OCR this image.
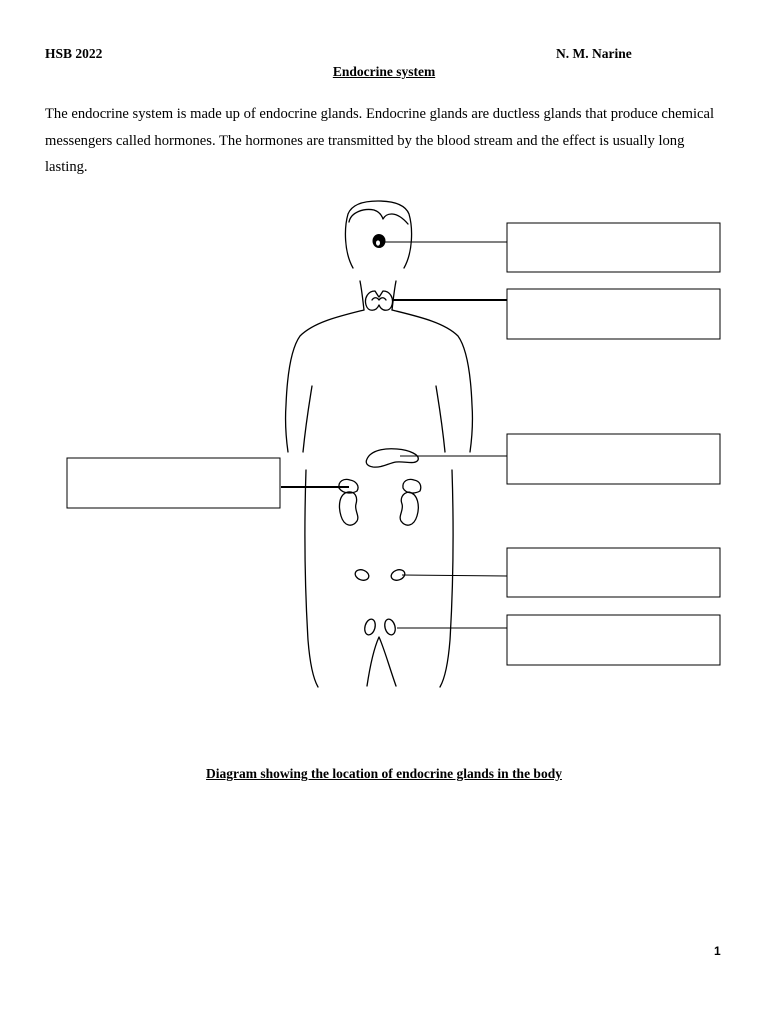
HSB 2022	N. M. Narine
Endocrine system

The endocrine system is made up of endocrine glands. Endocrine glands are ductless glands that produce chemical messengers called hormones. The hormones are transmitted by the blood stream and the effect is usually long lasting.

Diagram showing the location of endocrine glands in the body
1
